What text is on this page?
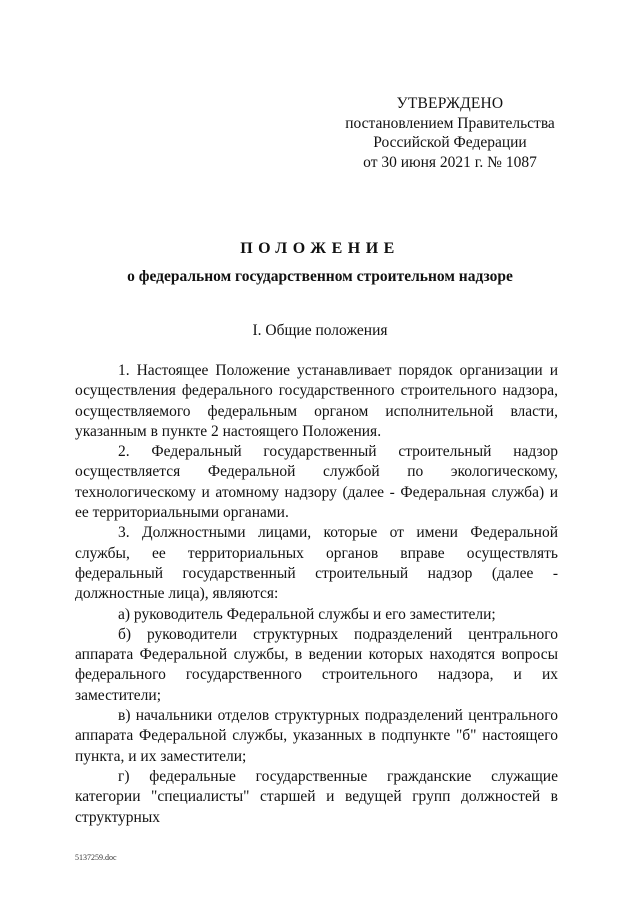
УТВЕРЖДЕНО
постановлением Правительства
Российской Федерации
от 30 июня 2021 г. № 1087
ПОЛОЖЕНИЕ
о федеральном государственном строительном надзоре
I. Общие положения

1. Настоящее Положение устанавливает порядок организации и осуществления федерального государственного строительного надзора, осуществляемого федеральным органом исполнительной власти, указанным в пункте 2 настоящего Положения.

2. Федеральный государственный строительный надзор осуществляется Федеральной службой по экологическому, технологическому и атомному надзору (далее - Федеральная служба) и ее территориальными органами.

3. Должностными лицами, которые от имени Федеральной службы, ее территориальных органов вправе осуществлять федеральный государственный строительный надзор (далее - должностные лица), являются:

а) руководитель Федеральной службы и его заместители;

б) руководители структурных подразделений центрального аппарата Федеральной службы, в ведении которых находятся вопросы федерального государственного строительного надзора, и их заместители;

в) начальники отделов структурных подразделений центрального аппарата Федеральной службы, указанных в подпункте "б" настоящего пункта, и их заместители;

г) федеральные государственные гражданские служащие категории "специалисты" старшей и ведущей групп должностей в структурных

5137259.doc
